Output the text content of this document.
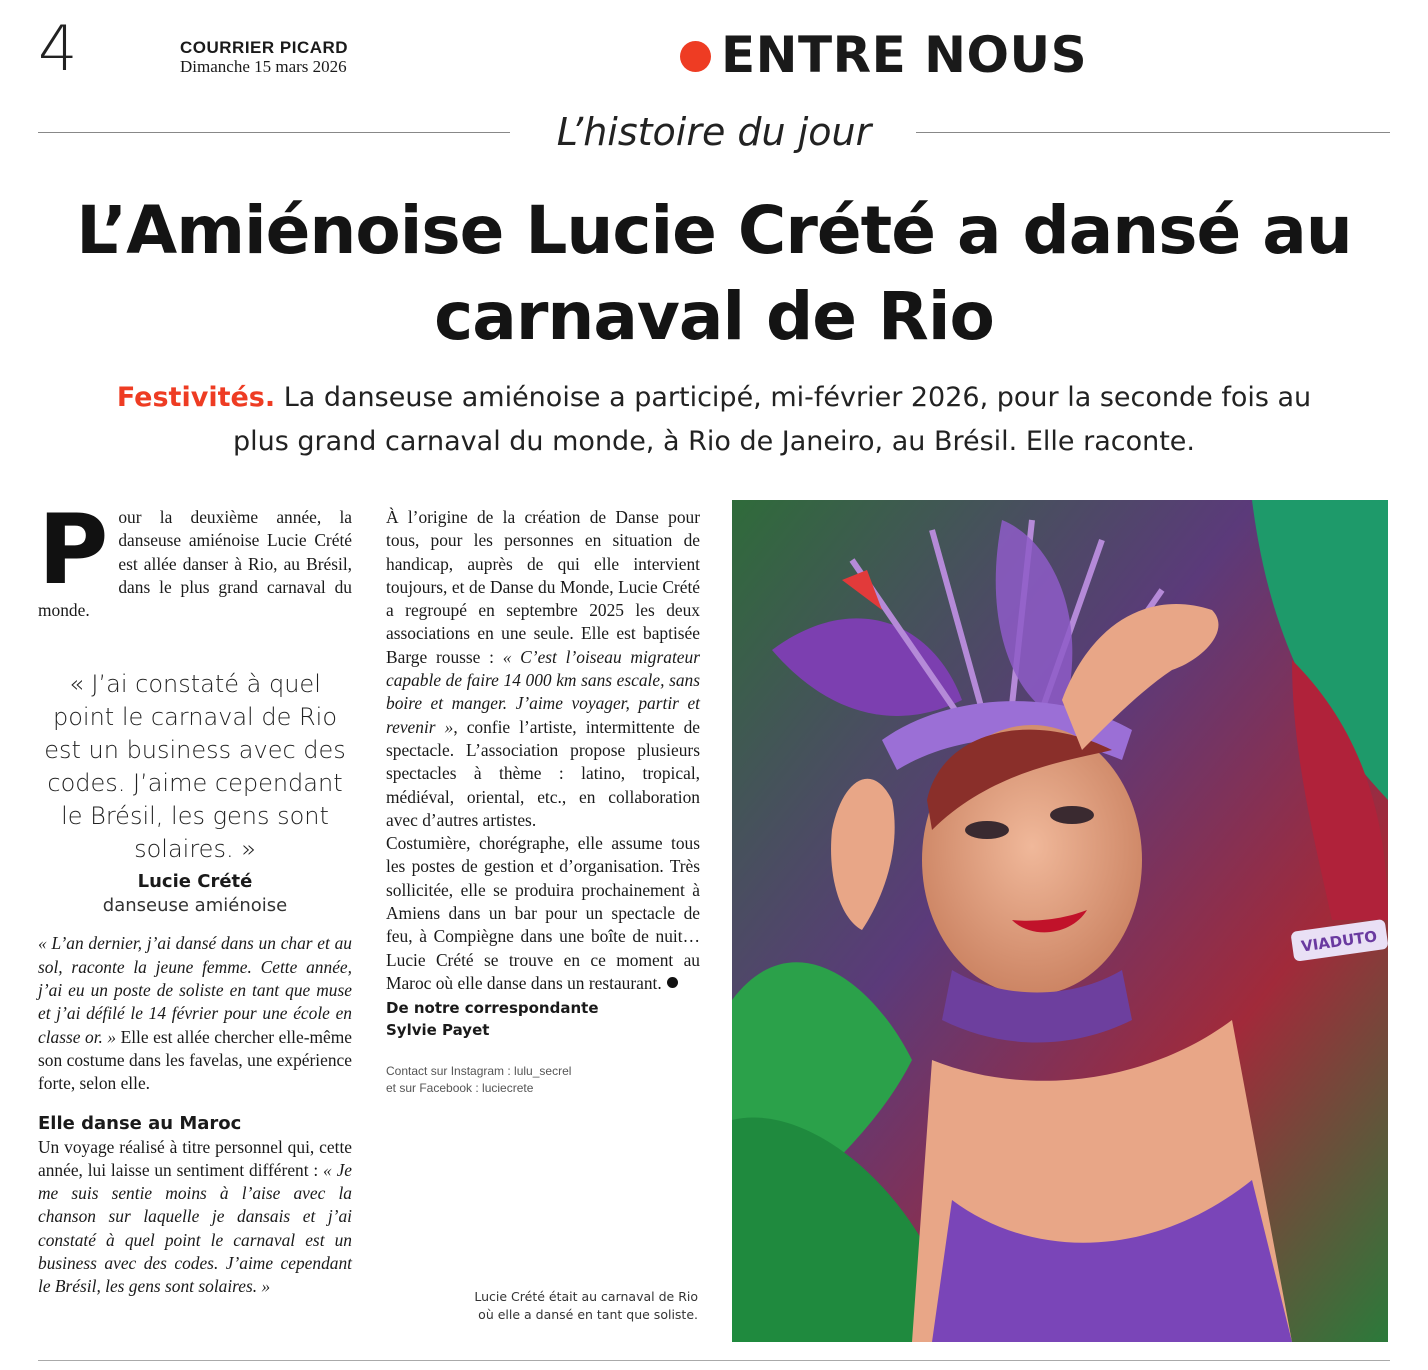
4	COURRIER PICARD
Dimanche 15 mars 2026	ENTRE NOUS
L’histoire du jour
L’Amiénoise Lucie Crété a dansé au carnaval de Rio

Festivités. La danseuse amiénoise a participé, mi-février 2026, pour la seconde fois au plus grand carnaval du monde, à Rio de Janeiro, au Brésil. Elle raconte.

Pour la deuxième année, la danseuse amiénoise Lucie Crété est allée danser à Rio, au Brésil, dans le plus grand carnaval du monde.

« J’ai constaté à quel point le carnaval de Rio est un business avec des codes. J’aime cependant le Brésil, les gens sont solaires. »
Lucie Crété
danseuse amiénoise

« L’an dernier, j’ai dansé dans un char et au sol, raconte la jeune femme. Cette année, j’ai eu un poste de soliste en tant que muse et j’ai défilé le 14 février pour une école en classe or. » Elle est allée chercher elle-même son costume dans les favelas, une expérience forte, selon elle.

Elle danse au Maroc

Un voyage réalisé à titre personnel qui, cette année, lui laisse un sentiment différent : « Je me suis sentie moins à l’aise avec la chanson sur laquelle je dansais et j’ai constaté à quel point le carnaval est un business avec des codes. J’aime cependant le Brésil, les gens sont solaires. »

À l’origine de la création de Danse pour tous, pour les personnes en situation de handicap, auprès de qui elle intervient toujours, et de Danse du Monde, Lucie Crété a regroupé en septembre 2025 les deux associations en une seule. Elle est baptisée Barge rousse : « C’est l’oiseau migrateur capable de faire 14 000 km sans escale, sans boire et manger. J’aime voyager, partir et revenir », confie l’artiste, intermittente de spectacle. L’association propose plusieurs spectacles à thème : latino, tropical, médiéval, oriental, etc., en collaboration avec d’autres artistes.

Costumière, chorégraphe, elle assume tous les postes de gestion et d’organisation. Très sollicitée, elle se produira prochainement à Amiens dans un bar pour un spectacle de feu, à Compiègne dans une boîte de nuit… Lucie Crété se trouve en ce moment au Maroc où elle danse dans un restaurant.

De notre correspondante
Sylvie Payet
Contact sur Instagram : lulu_secrel
et sur Facebook : luciecrete
Lucie Crété était au carnaval de Rio où elle a dansé en tant que soliste.
VIADUTO
